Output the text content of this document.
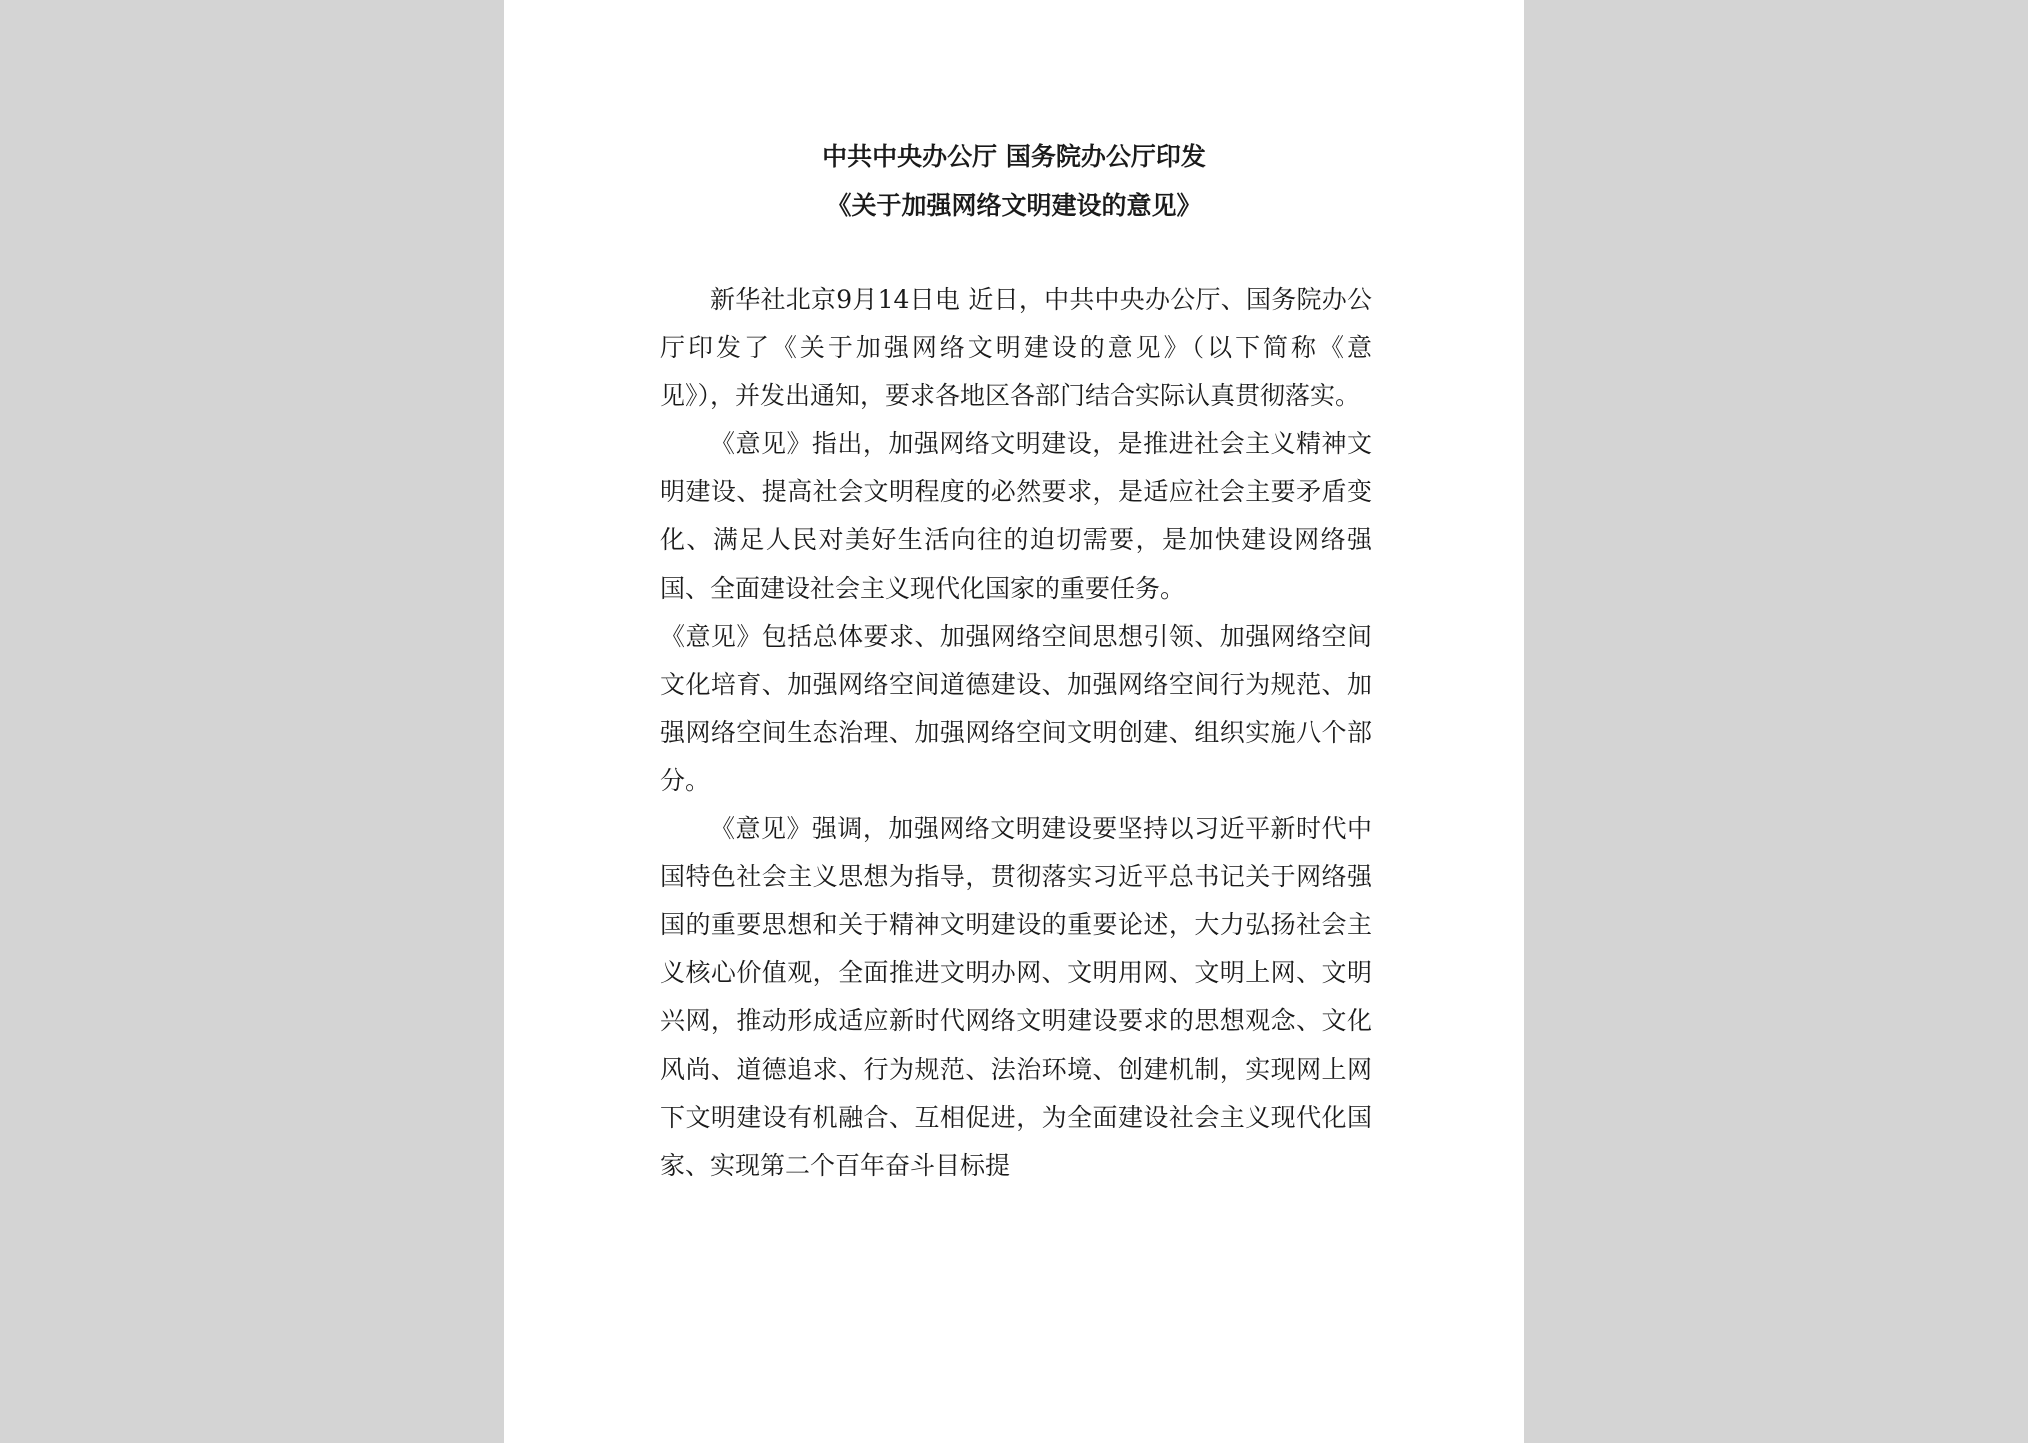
中共中央办公厅 国务院办公厅印发
《关于加强网络文明建设的意见》

新华社北京9月14日电 近日，中共中央办公厅、国务院办公厅印发了《关于加强网络文明建设的意见》（以下简称《意见》），并发出通知，要求各地区各部门结合实际认真贯彻落实。

《意见》指出，加强网络文明建设，是推进社会主义精神文明建设、提高社会文明程度的必然要求，是适应社会主要矛盾变化、满足人民对美好生活向往的迫切需要，是加快建设网络强国、全面建设社会主义现代化国家的重要任务。

《意见》包括总体要求、加强网络空间思想引领、加强网络空间文化培育、加强网络空间道德建设、加强网络空间行为规范、加强网络空间生态治理、加强网络空间文明创建、组织实施八个部分。

《意见》强调，加强网络文明建设要坚持以习近平新时代中国特色社会主义思想为指导，贯彻落实习近平总书记关于网络强国的重要思想和关于精神文明建设的重要论述，大力弘扬社会主义核心价值观，全面推进文明办网、文明用网、文明上网、文明兴网，推动形成适应新时代网络文明建设要求的思想观念、文化风尚、道德追求、行为规范、法治环境、创建机制，实现网上网下文明建设有机融合、互相促进，为全面建设社会主义现代化国家、实现第二个百年奋斗目标提
